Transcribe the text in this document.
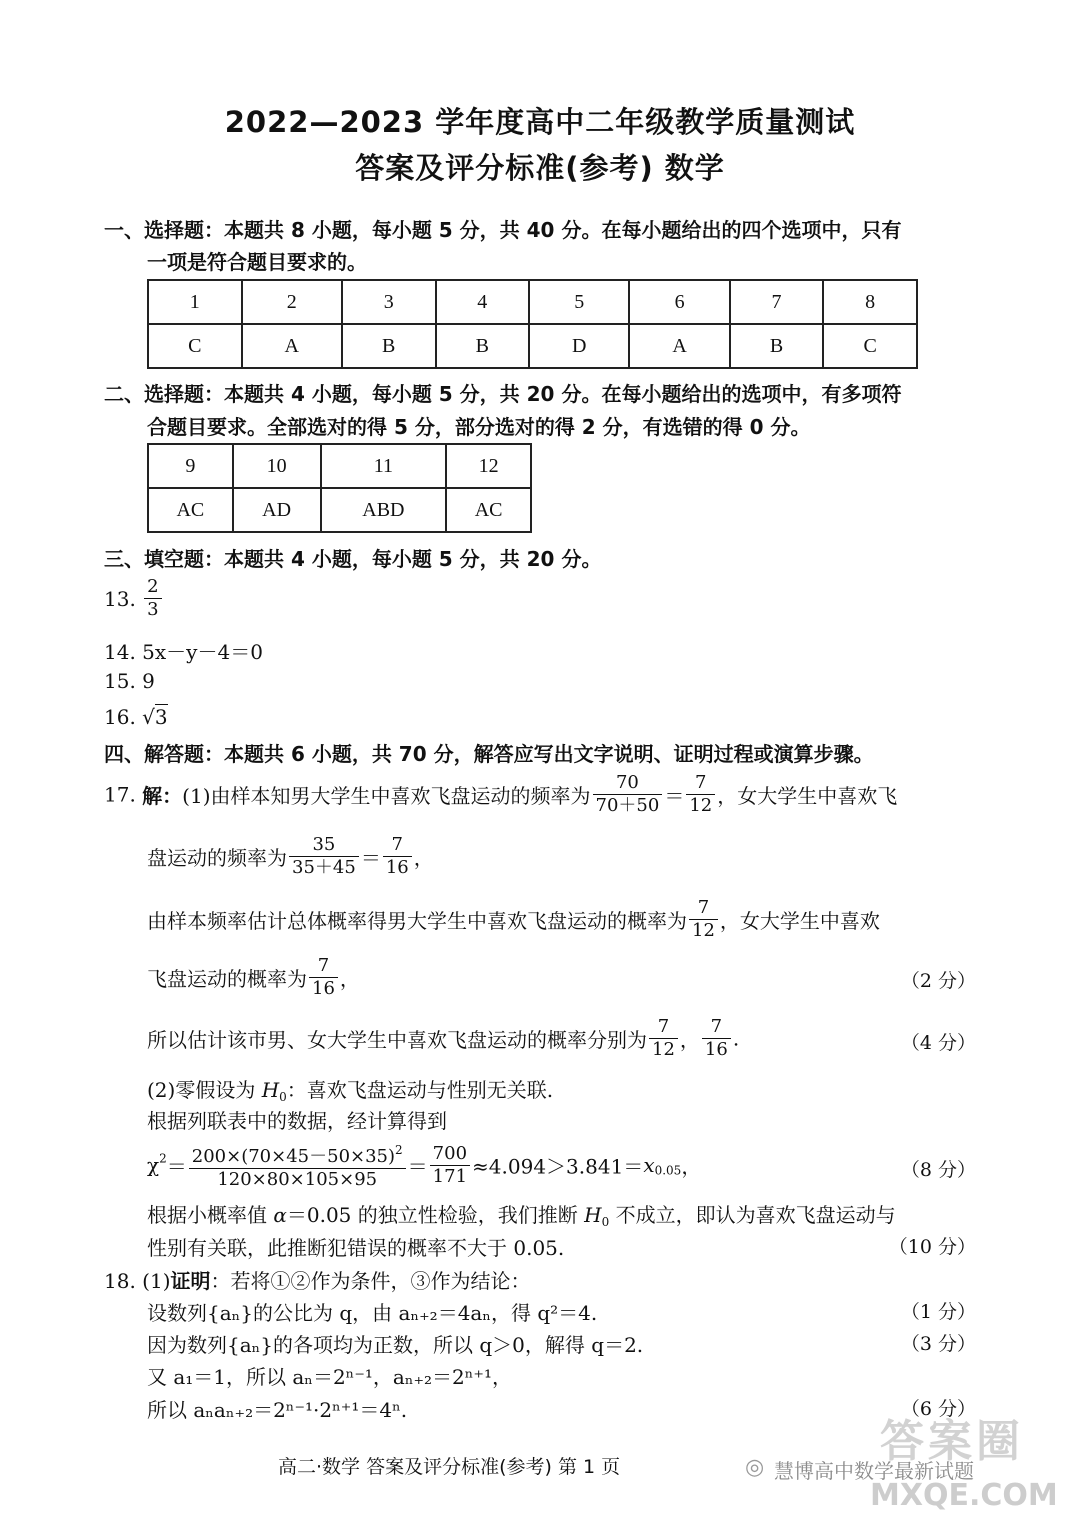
2022—2023 学年度高中二年级教学质量测试
答案及评分标准(参考) 数学
一、选择题：本题共 8 小题，每小题 5 分，共 40 分。在每小题给出的四个选项中，只有
一项是符合题目要求的。
1	2	3	4	5	6	7	8
C	A	B	B	D	A	B	C
二、选择题：本题共 4 小题，每小题 5 分，共 20 分。在每小题给出的选项中，有多项符
合题目要求。全部选对的得 5 分，部分选对的得 2 分，有选错的得 0 分。
9	10	11	12
AC	AD	ABD	AC
三、填空题：本题共 4 小题，每小题 5 分，共 20 分。
13. $\frac{2}{3}$
14. 5x－y－4＝0
15. 9
16. √3
四、解答题：本题共 6 小题，共 70 分，解答应写出文字说明、证明过程或演算步骤。
17. 解：(1)由样本知男大学生中喜欢飞盘运动的频率为 $\frac{70}{70+50} = \frac{7}{12}$ ，女大学生中喜欢飞
盘运动的频率为 $\frac{35}{35+45} = \frac{7}{16}$ ，
由样本频率估计总体概率得男大学生中喜欢飞盘运动的概率为 $\frac{7}{12}$ ，女大学生中喜欢
飞盘运动的概率为 $\frac{7}{16}$ ，	（2 分）
所以估计该市男、女大学生中喜欢飞盘运动的概率分别为 $\frac{7}{12}$ ， $\frac{7}{16}$ .	（4 分）
(2)零假设为 $H_0$：喜欢飞盘运动与性别无关联.
根据列联表中的数据，经计算得到
$\chi^2= \frac{200\times(70\times 45-50\times 35)^2}{120\times 80\times 105\times 95} = \frac{700}{171} \approx 4.094>3.841=x_{0.05}$，	（8 分）
根据小概率值 α＝0.05 的独立性检验，我们推断 $H_0$ 不成立，即认为喜欢飞盘运动与
性别有关联，此推断犯错误的概率不大于 0.05.	（10 分）
18. (1)证明：若将①②作为条件，③作为结论：
设数列{aₙ}的公比为 q，由 aₙ₊₂＝4aₙ，得 q²＝4.	（1 分）
因为数列{aₙ}的各项均为正数，所以 q＞0，解得 q＝2.	（3 分）
又 a₁＝1，所以 aₙ＝2ⁿ⁻¹，aₙ₊₂＝2ⁿ⁺¹，
所以 aₙaₙ₊₂＝2ⁿ⁻¹·2ⁿ⁺¹＝4ⁿ.	（6 分）
高二·数学 答案及评分标准(参考) 第 1 页	◎ 慧博高中数学最新试题
答案圈
MXQE.COM
